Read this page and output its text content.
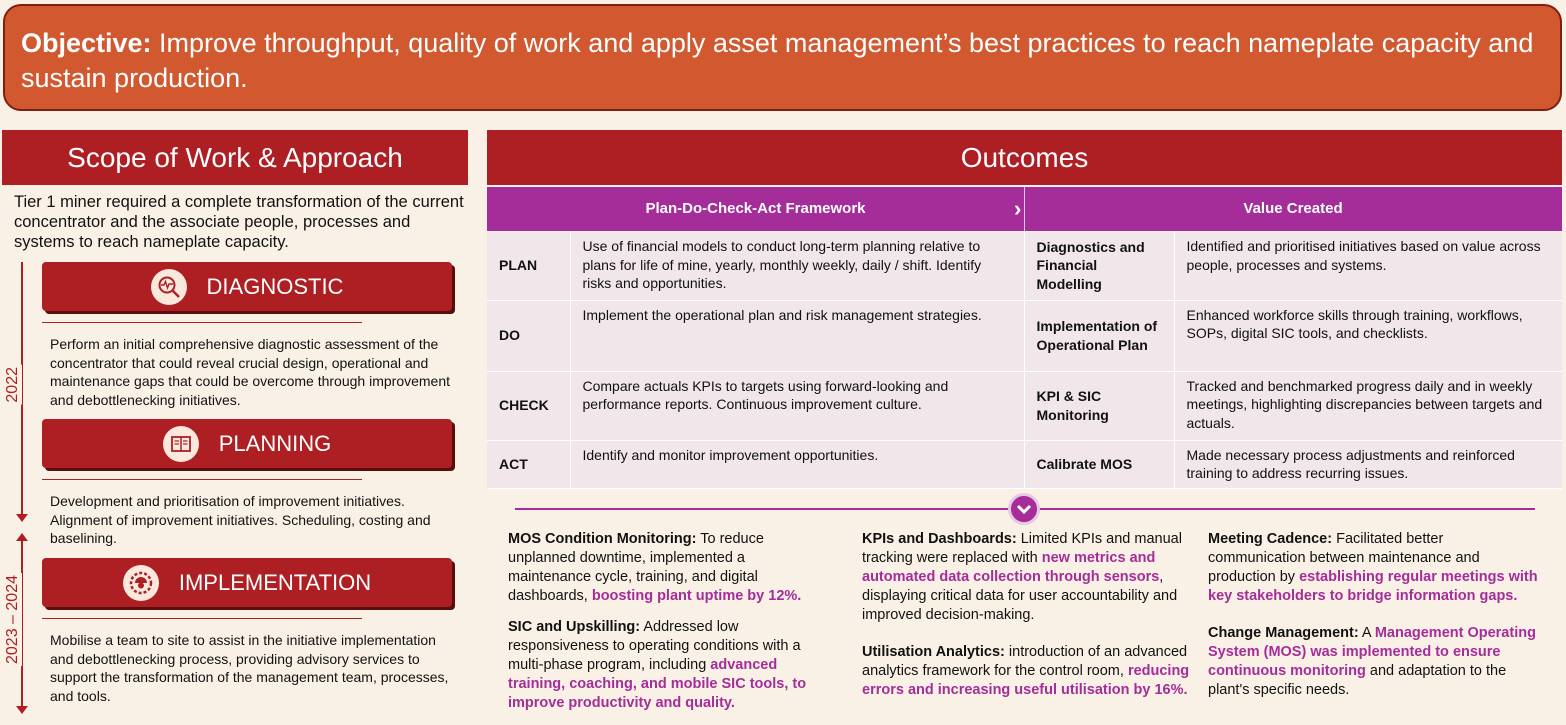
Objective: Improve throughput, quality of work and apply asset management’s best practices to reach nameplate capacity and sustain production.
Scope of Work & Approach
Tier 1 miner required a complete transformation of the current concentrator and the associate people, processes and systems to reach nameplate capacity.
2022
2023 – 2024
DIAGNOSTIC
Perform an initial comprehensive diagnostic assessment of the concentrator that could reveal crucial design, operational and maintenance gaps that could be overcome through improvement and debottlenecking initiatives.
PLANNING
Development and prioritisation of improvement initiatives. Alignment of improvement initiatives. Scheduling, costing and baselining.
IMPLEMENTATION
Mobilise a team to site to assist in the initiative implementation and debottlenecking process, providing advisory services to support the transformation of the management team, processes, and tools.
Outcomes
Plan-Do-Check-Act Framework	›	Value Created
PLAN	Use of financial models to conduct long-term planning relative to plans for life of mine, yearly, monthly weekly, daily / shift. Identify risks and opportunities.	Diagnostics and Financial Modelling	Identified and prioritised initiatives based on value across people, processes and systems.
DO	Implement the operational plan and risk management strategies.	Implementation of Operational Plan	Enhanced workforce skills through training, workflows, SOPs, digital SIC tools, and checklists.
CHECK	Compare actuals KPIs to targets using forward-looking and performance reports. Continuous improvement culture.	KPI & SIC Monitoring	Tracked and benchmarked progress daily and in weekly meetings, highlighting discrepancies between targets and actuals.
ACT	Identify and monitor improvement opportunities.	Calibrate MOS	Made necessary process adjustments and reinforced training to address recurring issues.

MOS Condition Monitoring: To reduce unplanned downtime, implemented a maintenance cycle, training, and digital dashboards, boosting plant uptime by 12%.

SIC and Upskilling: Addressed low responsiveness to operating conditions with a multi-phase program, including advanced training, coaching, and mobile SIC tools, to improve productivity and quality.

KPIs and Dashboards: Limited KPIs and manual tracking were replaced with new metrics and automated data collection through sensors, displaying critical data for user accountability and improved decision-making.

Utilisation Analytics: introduction of an advanced analytics framework for the control room, reducing errors and increasing useful utilisation by 16%.

Meeting Cadence: Facilitated better communication between maintenance and production by establishing regular meetings with key stakeholders to bridge information gaps.

Change Management: A Management Operating System (MOS) was implemented to ensure continuous monitoring and adaptation to the plant's specific needs.
